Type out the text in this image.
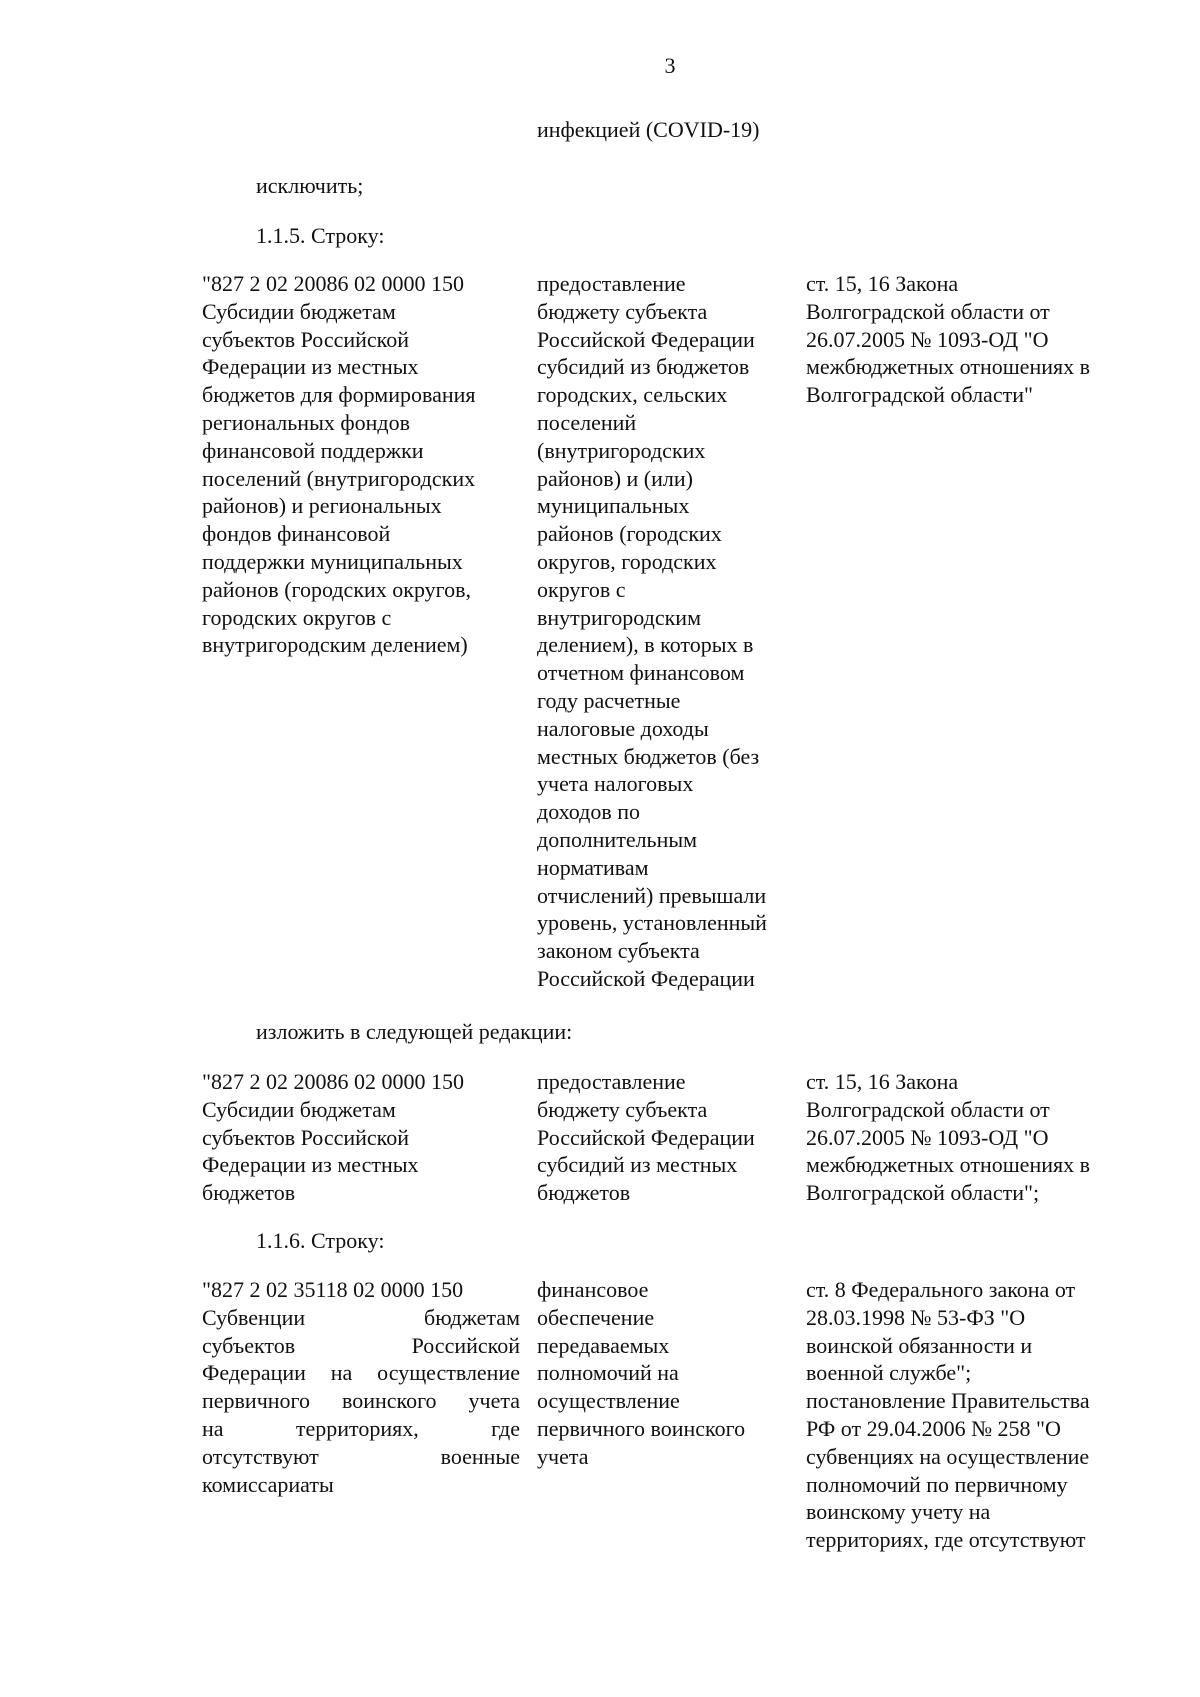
3
инфекцией (COVID-19)
исключить;
1.1.5. Строку:
"827 2 02 20086 02 0000 150
Субсидии бюджетам
субъектов Российской
Федерации из местных
бюджетов для формирования
региональных фондов
финансовой поддержки
поселений (внутригородских
районов) и региональных
фондов финансовой
поддержки муниципальных
районов (городских округов,
городских округов с
внутригородским делением)
предоставление
бюджету субъекта
Российской Федерации
субсидий из бюджетов
городских, сельских
поселений
(внутригородских
районов) и (или)
муниципальных
районов (городских
округов, городских
округов с
внутригородским
делением), в которых в
отчетном финансовом
году расчетные
налоговые доходы
местных бюджетов (без
учета налоговых
доходов по
дополнительным
нормативам
отчислений) превышали
уровень, установленный
законом субъекта
Российской Федерации
ст. 15, 16 Закона
Волгоградской области от
26.07.2005 № 1093-ОД "О
межбюджетных отношениях в
Волгоградской области"
изложить в следующей редакции:
"827 2 02 20086 02 0000 150
Субсидии бюджетам
субъектов Российской
Федерации из местных
бюджетов
предоставление
бюджету субъекта
Российской Федерации
субсидий из местных
бюджетов
ст. 15, 16 Закона
Волгоградской области от
26.07.2005 № 1093-ОД "О
межбюджетных отношениях в
Волгоградской области";
1.1.6. Строку:
"827 2 02 35118 02 0000 150
Субвенции бюджетам
субъектов Российской
Федерации на осуществление
первичного воинского учета
на территориях, где
отсутствуют военные
комиссариаты
финансовое
обеспечение
передаваемых
полномочий на
осуществление
первичного воинского
учета
ст. 8 Федерального закона от
28.03.1998 № 53-ФЗ "О
воинской обязанности и
военной службе";
постановление Правительства
РФ от 29.04.2006 № 258 "О
субвенциях на осуществление
полномочий по первичному
воинскому учету на
территориях, где отсутствуют
